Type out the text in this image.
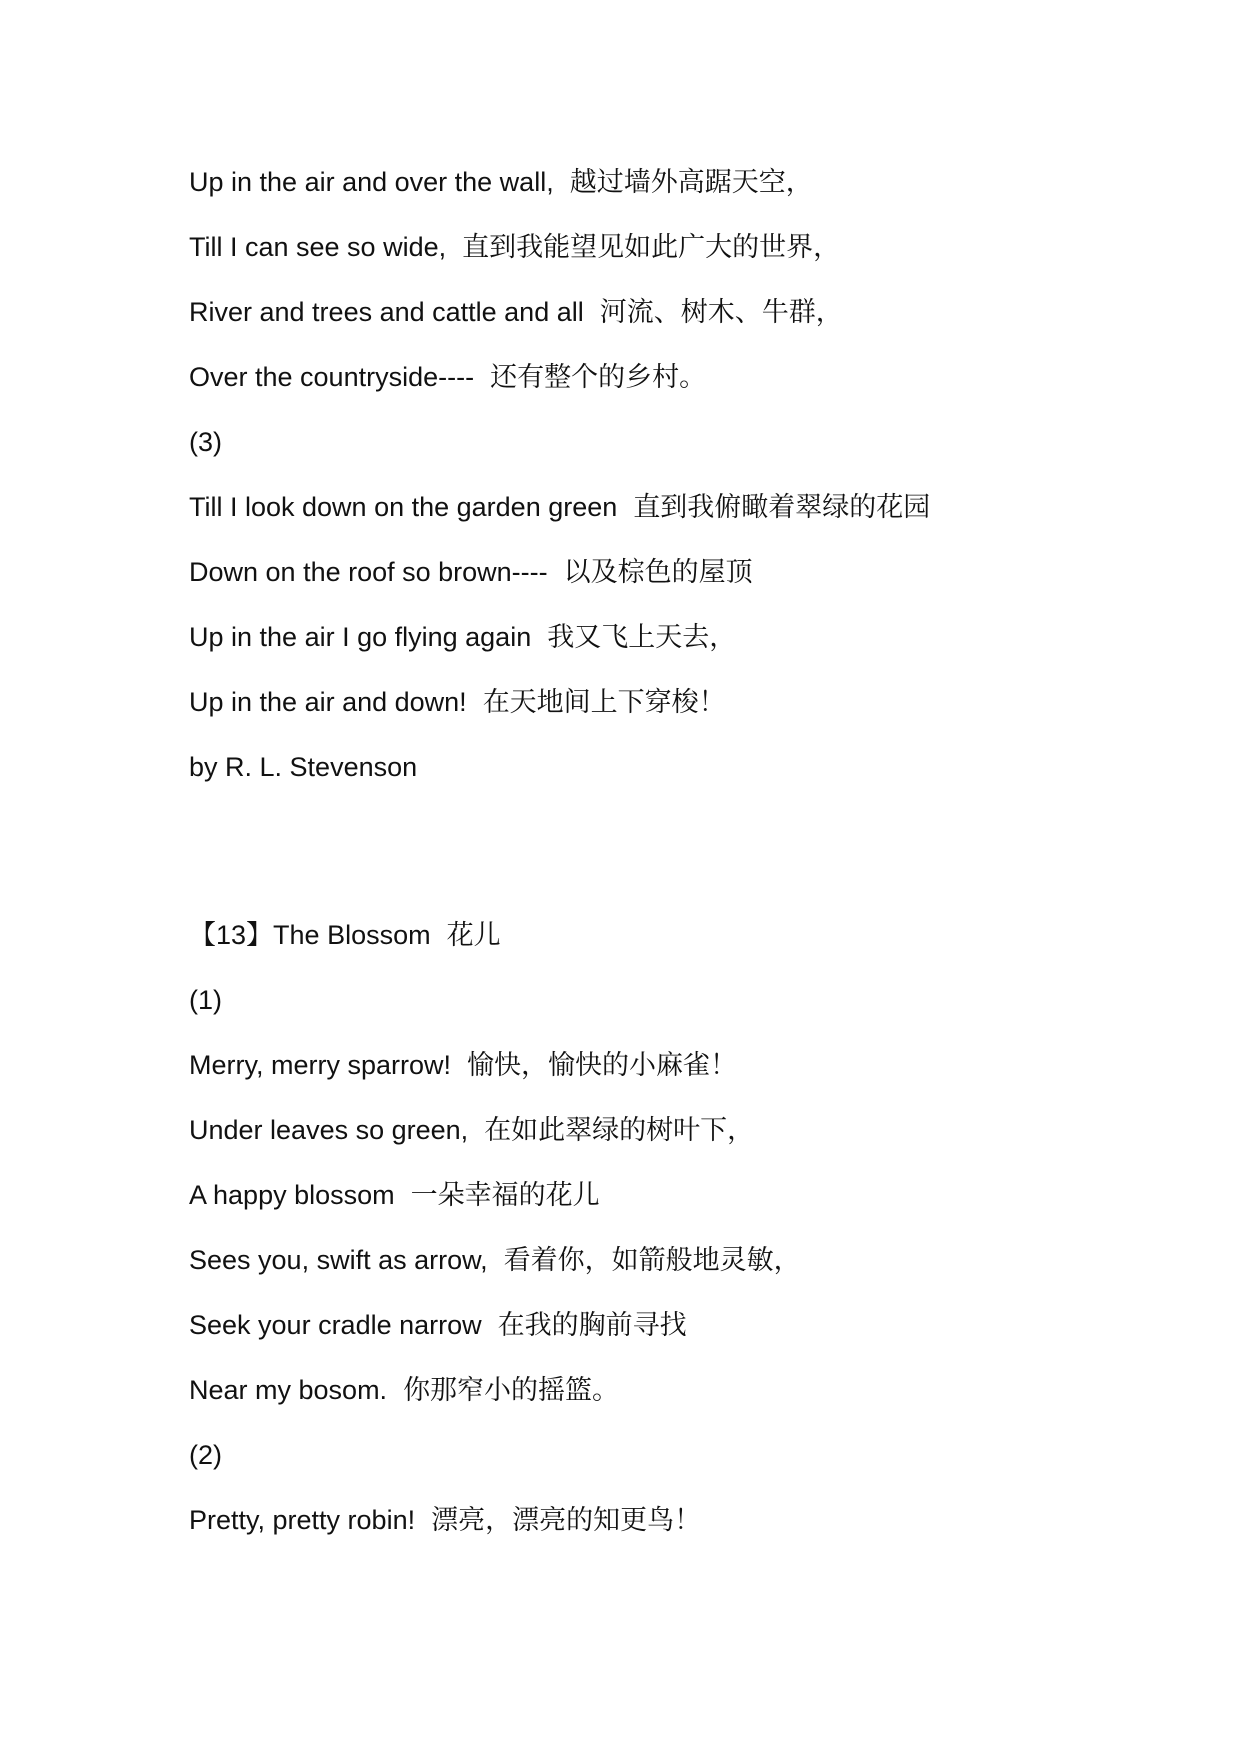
Up in the air and over the wall, 越过墙外高踞天空，
Till I can see so wide, 直到我能望见如此广大的世界，
River and trees and cattle and all 河流、树木、牛群，
Over the countryside---- 还有整个的乡村。
(3)
Till I look down on the garden green 直到我俯瞰着翠绿的花园
Down on the roof so brown---- 以及棕色的屋顶
Up in the air I go flying again 我又飞上天去，
Up in the air and down! 在天地间上下穿梭！
by R. L. Stevenson
【13】The Blossom 花儿
(1)
Merry, merry sparrow! 愉快，愉快的小麻雀！
Under leaves so green, 在如此翠绿的树叶下，
A happy blossom 一朵幸福的花儿
Sees you, swift as arrow, 看着你，如箭般地灵敏，
Seek your cradle narrow 在我的胸前寻找
Near my bosom. 你那窄小的摇篮。
(2)
Pretty, pretty robin! 漂亮，漂亮的知更鸟！
